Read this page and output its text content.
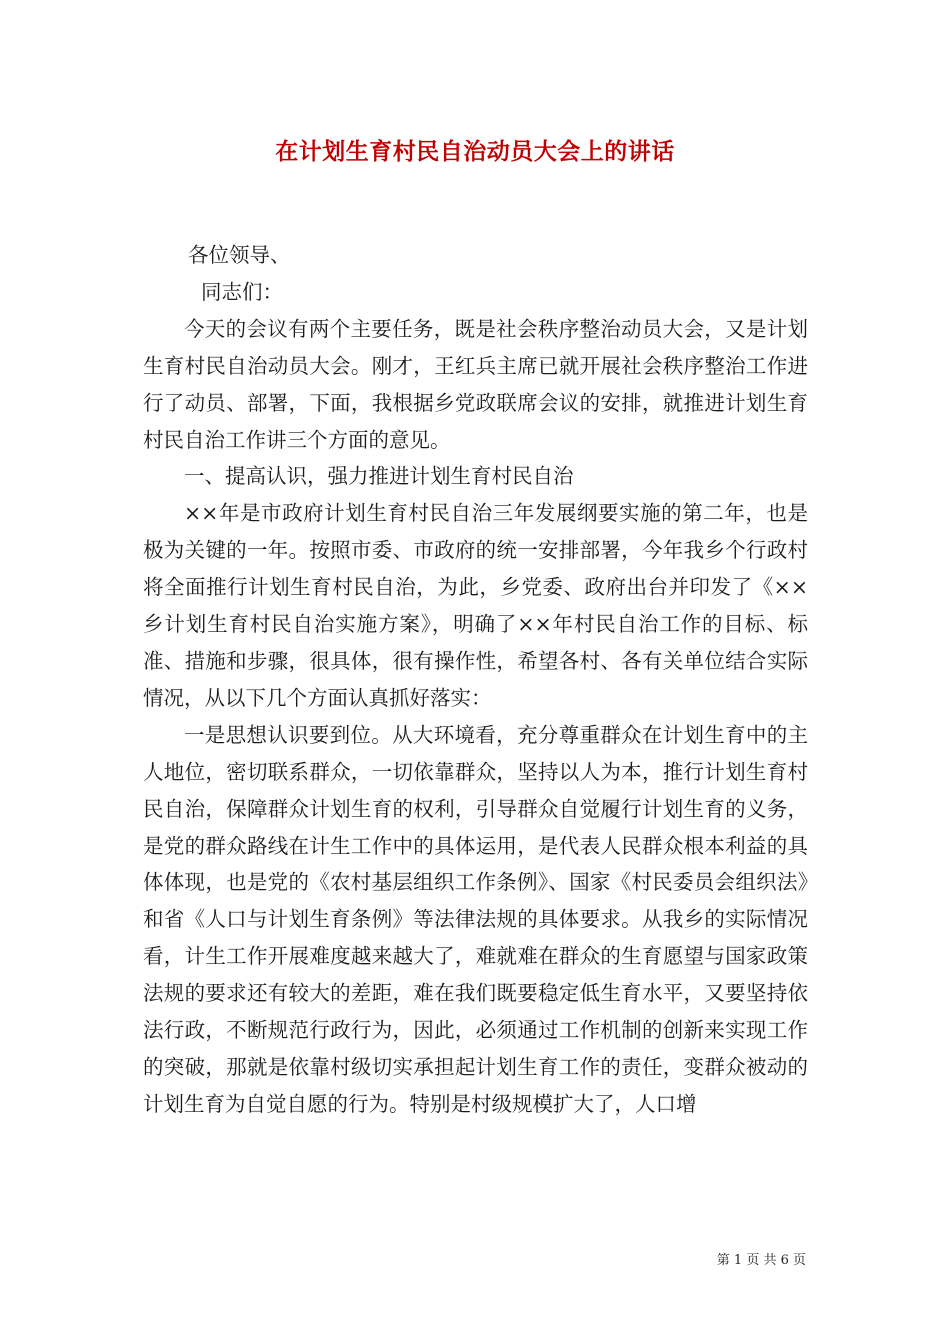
在计划生育村民自治动员大会上的讲话

各位领导、

同志们：

今天的会议有两个主要任务，既是社会秩序整治动员大会，又是计划生育村民自治动员大会。刚才，王红兵主席已就开展社会秩序整治工作进行了动员、部署，下面，我根据乡党政联席会议的安排，就推进计划生育村民自治工作讲三个方面的意见。

一、提高认识，强力推进计划生育村民自治

××年是市政府计划生育村民自治三年发展纲要实施的第二年，也是极为关键的一年。按照市委、市政府的统一安排部署，今年我乡个行政村将全面推行计划生育村民自治，为此，乡党委、政府出台并印发了《××乡计划生育村民自治实施方案》，明确了××年村民自治工作的目标、标准、措施和步骤，很具体，很有操作性，希望各村、各有关单位结合实际情况，从以下几个方面认真抓好落实：

一是思想认识要到位。从大环境看，充分尊重群众在计划生育中的主人地位，密切联系群众，一切依靠群众，坚持以人为本，推行计划生育村民自治，保障群众计划生育的权利，引导群众自觉履行计划生育的义务，是党的群众路线在计生工作中的具体运用，是代表人民群众根本利益的具体体现，也是党的《农村基层组织工作条例》、国家《村民委员会组织法》和省《人口与计划生育条例》等法律法规的具体要求。从我乡的实际情况看，计生工作开展难度越来越大了，难就难在群众的生育愿望与国家政策法规的要求还有较大的差距，难在我们既要稳定低生育水平，又要坚持依法行政，不断规范行政行为，因此，必须通过工作机制的创新来实现工作的突破，那就是依靠村级切实承担起计划生育工作的责任，变群众被动的计划生育为自觉自愿的行为。特别是村级规模扩大了，人口增

第 1 页 共 6 页
